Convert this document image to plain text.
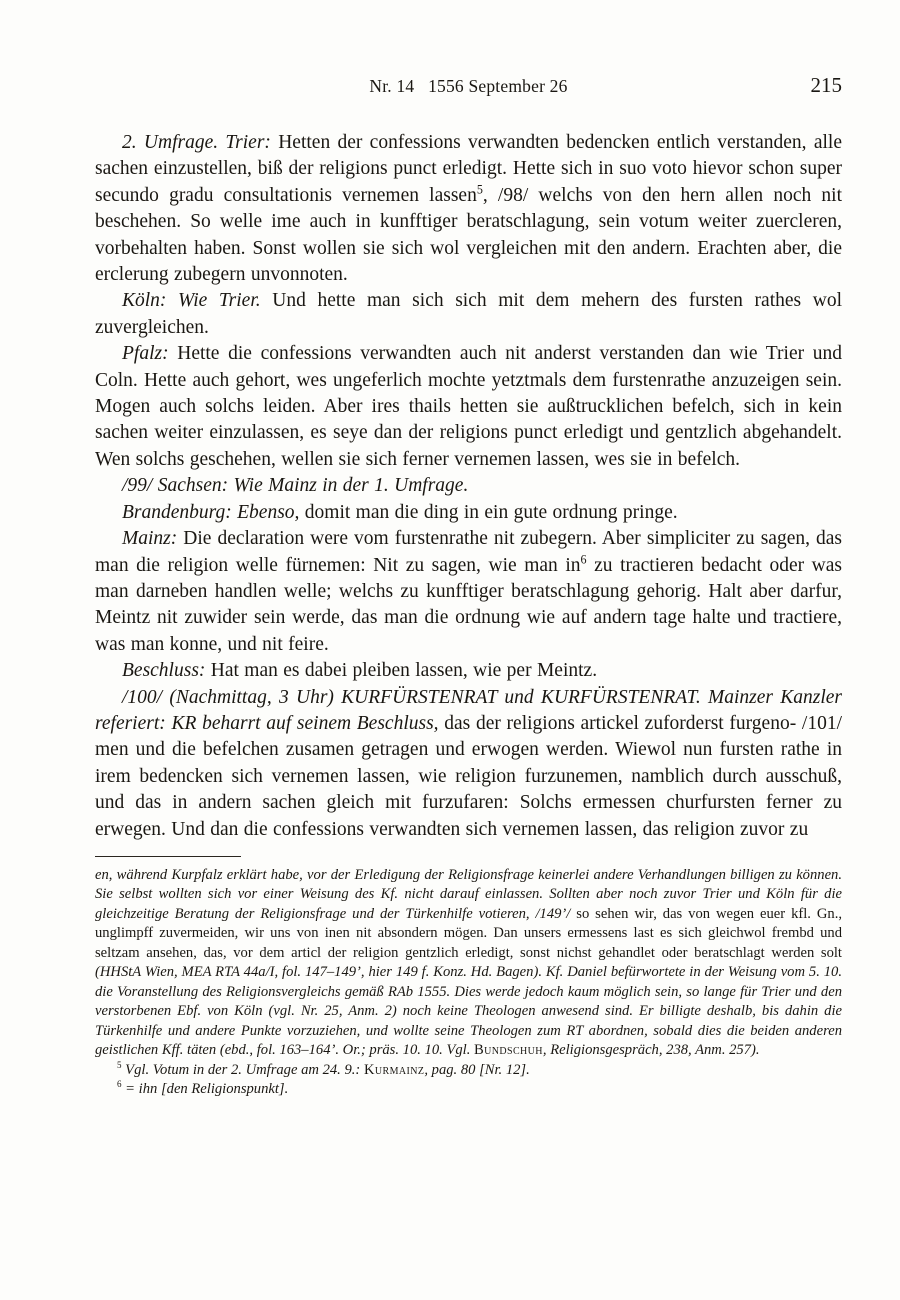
Nr. 14   1556 September 26	215

2. Umfrage. Trier: Hetten der confessions verwandten bedencken entlich verstanden, alle sachen einzustellen, biß der religions punct erledigt. Hette sich in suo voto hievor schon super secundo gradu consultationis vernemen lassen$^5$, /98/ welchs von den hern allen noch nit beschehen. So welle ime auch in kunfftiger beratschlagung, sein votum weiter zuercleren, vorbehalten haben. Sonst wollen sie sich wol vergleichen mit den andern. Erachten aber, die erclerung zubegern unvonnoten.

Köln: Wie Trier. Und hette man sich sich mit dem mehern des fursten rathes wol zuvergleichen.

Pfalz: Hette die confessions verwandten auch nit anderst verstanden dan wie Trier und Coln. Hette auch gehort, wes ungeferlich mochte yetztmals dem furstenrathe anzuzeigen sein. Mogen auch solchs leiden. Aber ires thails hetten sie außtrucklichen befelch, sich in kein sachen weiter einzulassen, es seye dan der religions punct erledigt und gentzlich abgehandelt. Wen solchs geschehen, wellen sie sich ferner vernemen lassen, wes sie in befelch.

/99/ Sachsen: Wie Mainz in der 1. Umfrage.

Brandenburg: Ebenso, domit man die ding in ein gute ordnung pringe.

Mainz: Die declaration were vom furstenrathe nit zubegern. Aber simpliciter zu sagen, das man die religion welle fürnemen: Nit zu sagen, wie man $in^6$ zu tractieren bedacht oder was man darneben handlen welle; welchs zu kunfftiger beratschlagung gehorig. Halt aber darfur, Meintz nit zuwider sein werde, das man die ordnung wie auf andern tage halte und tractiere, was man konne, und nit feire.

Beschluss: Hat man es dabei pleiben lassen, wie per Meintz.

/100/ (Nachmittag, 3 Uhr) KURFÜRSTENRAT und KURFÜRSTENRAT. Mainzer Kanzler referiert: KR beharrt auf seinem Beschluss, das der religions artickel zuforderst furgeno- /101/ men und die befelchen zusamen getragen und erwogen werden. Wiewol nun fursten rathe in irem bedencken sich vernemen lassen, wie religion furzunemen, namblich durch ausschuß, und das in andern sachen gleich mit furzufaren: Solchs ermessen churfursten ferner zu erwegen. Und dan die confessions verwandten sich vernemen lassen, das religion zuvor zu

en, während Kurpfalz erklärt habe, vor der Erledigung der Religionsfrage keinerlei andere Verhandlungen billigen zu können. Sie selbst wollten sich vor einer Weisung des Kf. nicht darauf einlassen. Sollten aber noch zuvor Trier und Köln für die gleichzeitige Beratung der Religionsfrage und der Türkenhilfe votieren, /149’/ so sehen wir, das von wegen euer kfl. Gn., unglimpff zuvermeiden, wir uns von inen nit absondern mögen. Dan unsers ermessens last es sich gleichwol frembd und seltzam ansehen, das, vor dem articl der religion gentzlich erledigt, sonst nichst gehandlet oder beratschlagt werden solt (HHStA Wien, MEA RTA 44a/I, fol. 147–149’, hier 149 f. Konz. Hd. Bagen). Kf. Daniel befürwortete in der Weisung vom 5. 10. die Voranstellung des Religionsvergleichs gemäß RAb 1555. Dies werde jedoch kaum möglich sein, so lange für Trier und den verstorbenen Ebf. von Köln (vgl. Nr. 25, Anm. 2) noch keine Theologen anwesend sind. Er billigte deshalb, bis dahin die Türkenhilfe und andere Punkte vorzuziehen, und wollte seine Theologen zum RT abordnen, sobald dies die beiden anderen geistlichen Kff. täten (ebd., fol. 163–164’. Or.; präs. 10. 10. Vgl. Bundschuh, Religionsgespräch, 238, Anm. 257).

$^5$ Vgl. Votum in der 2. Umfrage am 24. 9.: Kurmainz, pag. 80 [Nr. 12].

$^6$ = ihn [den Religionspunkt].
